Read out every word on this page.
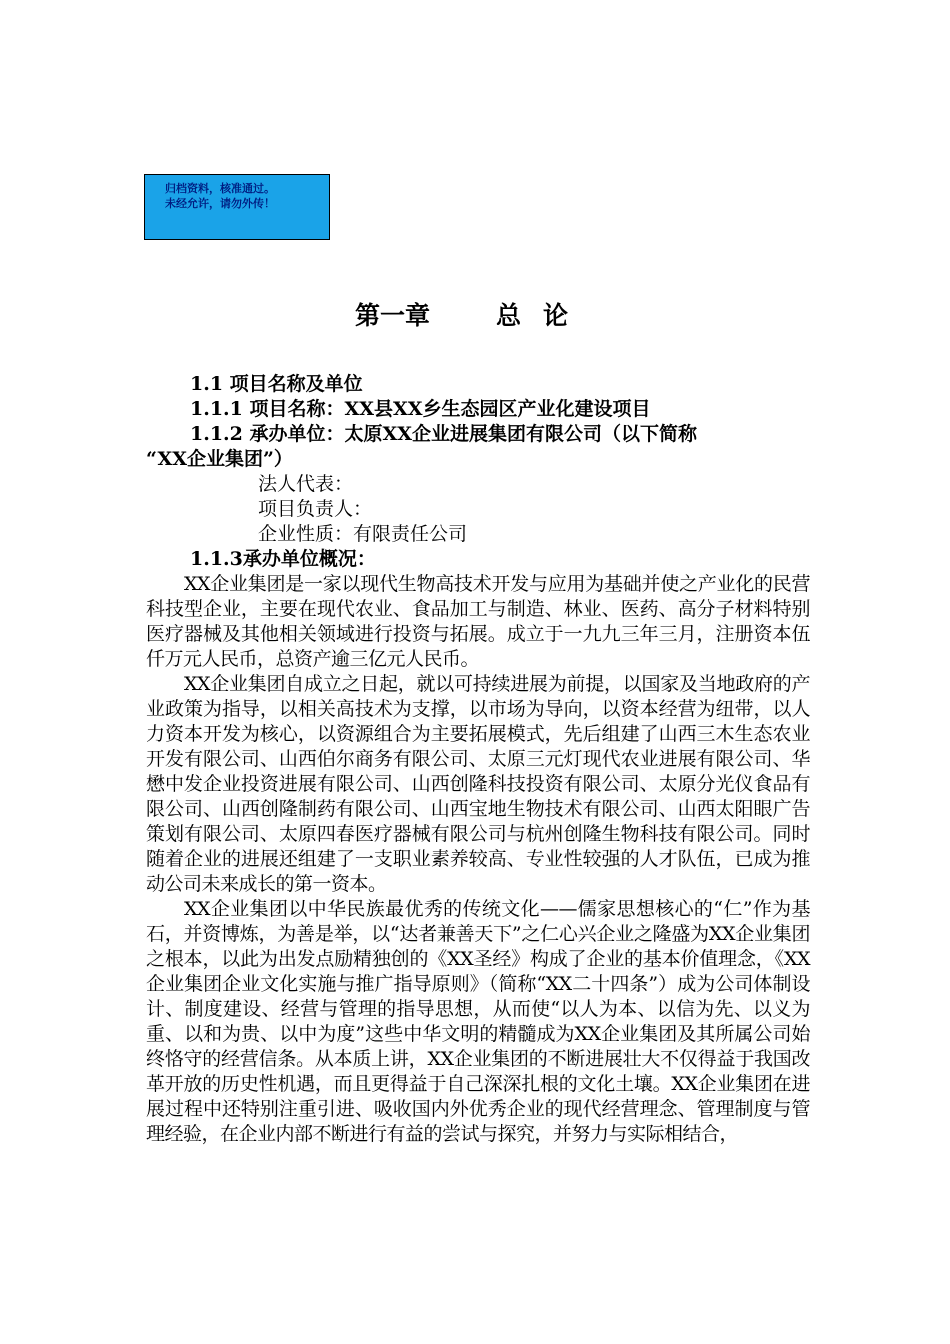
归档资料，核准通过。
未经允许，请勿外传！
第一章	总 论
1.1 项目名称及单位
1.1.1 项目名称：XX县XX乡生态园区产业化建设项目
1.1.2 承办单位：太原XX企业进展集团有限公司（以下简称
“XX企业集团”）
法人代表：
项目负责人：
企业性质：有限责任公司
1.1.3承办单位概况：
XX企业集团是一家以现代生物高技术开发与应用为基础并使之产业化的民营科技型企业，主要在现代农业、食品加工与制造、林业、医药、高分子材料特别医疗器械及其他相关领域进行投资与拓展。成立于一九九三年三月，注册资本伍仟万元人民币，总资产逾三亿元人民币。
XX企业集团自成立之日起，就以可持续进展为前提，以国家及当地政府的产业政策为指导，以相关高技术为支撑，以市场为导向，以资本经营为纽带，以人力资本开发为核心，以资源组合为主要拓展模式，先后组建了山西三木生态农业开发有限公司、山西伯尔商务有限公司、太原三元灯现代农业进展有限公司、华懋中发企业投资进展有限公司、山西创隆科技投资有限公司、太原分光仪食品有限公司、山西创隆制药有限公司、山西宝地生物技术有限公司、山西太阳眼广告策划有限公司、太原四春医疗器械有限公司与杭州创隆生物科技有限公司。同时随着企业的进展还组建了一支职业素养较高、专业性较强的人才队伍，已成为推动公司未来成长的第一资本。
XX企业集团以中华民族最优秀的传统文化——儒家思想核心的“仁”作为基石，并资博炼，为善是举，以“达者兼善天下”之仁心兴企业之隆盛为XX企业集团之根本，以此为出发点励精独创的《XX圣经》构成了企业的基本价值理念，《XX企业集团企业文化实施与推广指导原则》（简称“XX二十四条”）成为公司体制设计、制度建设、经营与管理的指导思想，从而使“以人为本、以信为先、以义为重、以和为贵、以中为度”这些中华文明的精髓成为XX企业集团及其所属公司始终恪守的经营信条。从本质上讲，XX企业集团的不断进展壮大不仅得益于我国改革开放的历史性机遇，而且更得益于自己深深扎根的文化土壤。XX企业集团在进展过程中还特别注重引进、吸收国内外优秀企业的现代经营理念、管理制度与管理经验，在企业内部不断进行有益的尝试与探究，并努力与实际相结合，
